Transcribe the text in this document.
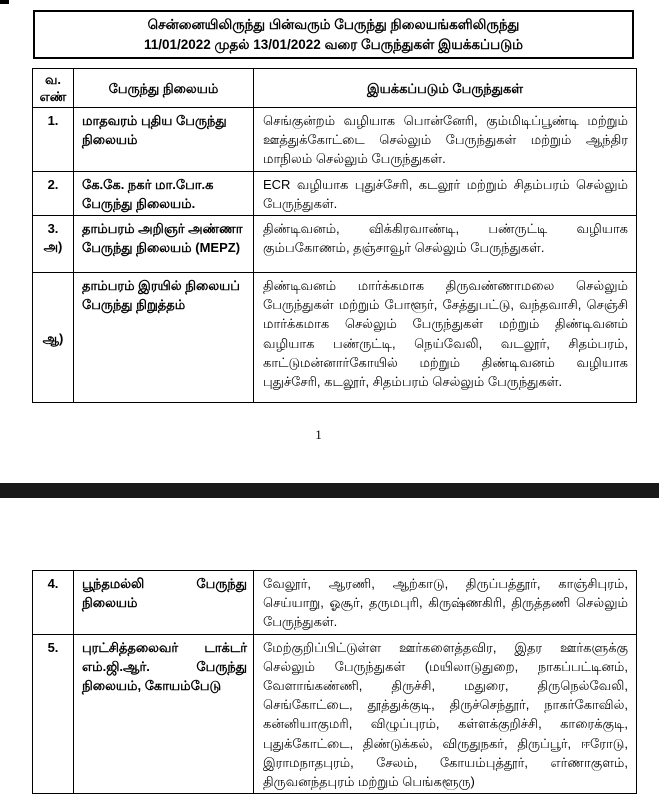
சென்னையிலிருந்து பின்வரும் பேருந்து நிலையங்களிலிருந்து
11/01/2022 முதல் 13/01/2022 வரை பேருந்துகள் இயக்கப்படும்
வ.
எண்	பேருந்து நிலையம்	இயக்கப்படும் பேருந்துகள்
1.	மாதவரம் புதிய பேருந்து நிலையம்	செங்குன்றம் வழியாக பொன்னேரி, கும்மிடிப்பூண்டி மற்றும் ஊத்துக்கோட்டை செல்லும் பேருந்துகள் மற்றும் ஆந்திர மாநிலம் செல்லும் பேருந்துகள்.
2.	கே.கே. நகர் மா.போ.க பேருந்து நிலையம்.	ECR வழியாக புதுச்சேரி, கடலூர் மற்றும் சிதம்பரம் செல்லும் பேருந்துகள்.

3.
அ)	தாம்பரம் அறிஞர் அண்ணா பேருந்து நிலையம் (MEPZ)	திண்டிவனம், விக்கிரவாண்டி, பண்ருட்டி வழியாக கும்பகோணம், தஞ்சாவூர் செல்லும் பேருந்துகள்.
ஆ)	தாம்பரம் இரயில் நிலையப் பேருந்து நிறுத்தம்	திண்டிவனம் மார்க்கமாக திருவண்ணாமலை செல்லும் பேருந்துகள் மற்றும் போளூர், சேத்துபட்டு, வந்தவாசி, செஞ்சி மார்க்கமாக செல்லும் பேருந்துகள் மற்றும் திண்டிவனம் வழியாக பண்ருட்டி, நெய்வேலி, வடலூர், சிதம்பரம், காட்டுமன்னார்கோயில் மற்றும் திண்டிவனம் வழியாக புதுச்சேரி, கடலூர், சிதம்பரம் செல்லும் பேருந்துகள்.
1
4.	பூந்தமல்லி பேருந்து நிலையம்	வேலூர், ஆரணி, ஆற்காடு, திருப்பத்தூர், காஞ்சிபுரம், செய்யாறு, ஓசூர், தருமபுரி, கிருஷ்ணகிரி, திருத்தணி செல்லும் பேருந்துகள்.
5.	புரட்சித்தலைவர் டாக்டர் எம்.ஜி.ஆர். பேருந்து நிலையம், கோயம்பேடு	மேற்குறிப்பிட்டுள்ள ஊர்களைத்தவிர, இதர ஊர்களுக்கு செல்லும் பேருந்துகள் (மயிலாடுதுறை, நாகப்பட்டினம், வேளாங்கண்ணி, திருச்சி, மதுரை, திருநெல்வேலி, செங்கோட்டை, தூத்துக்குடி, திருச்செந்தூர், நாகர்கோவில், கன்னியாகுமரி, விழுப்புரம், கள்ளக்குறிச்சி, காரைக்குடி, புதுக்கோட்டை, திண்டுக்கல், விருதுநகர், திருப்பூர், ஈரோடு, இராமநாதபுரம், சேலம், கோயம்புத்தூர், எர்ணாகுளம், திருவனந்தபுரம் மற்றும் பெங்களூரு)
